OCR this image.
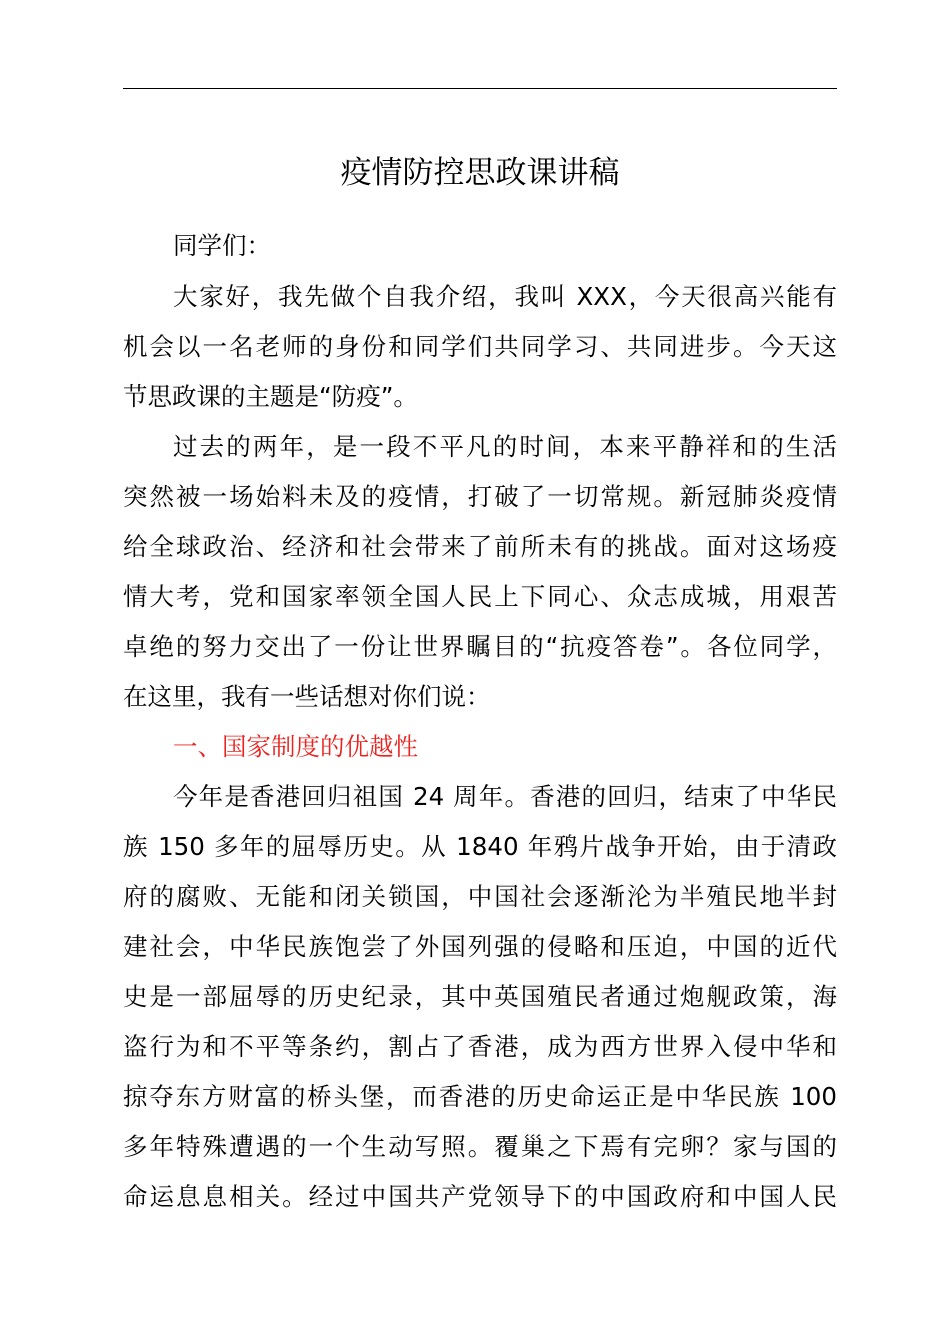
疫情防控思政课讲稿
同学们：
大家好，我先做个自我介绍，我叫 XXX，今天很高兴能有
机会以一名老师的身份和同学们共同学习、共同进步。今天这
节思政课的主题是“防疫”。
过去的两年，是一段不平凡的时间，本来平静祥和的生活
突然被一场始料未及的疫情，打破了一切常规。新冠肺炎疫情
给全球政治、经济和社会带来了前所未有的挑战。面对这场疫
情大考，党和国家率领全国人民上下同心、众志成城，用艰苦
卓绝的努力交出了一份让世界瞩目的“抗疫答卷”。各位同学，
在这里，我有一些话想对你们说：
一、国家制度的优越性
今年是香港回归祖国 24 周年。香港的回归，结束了中华民
族 150 多年的屈辱历史。从 1840 年鸦片战争开始，由于清政
府的腐败、无能和闭关锁国，中国社会逐渐沦为半殖民地半封
建社会，中华民族饱尝了外国列强的侵略和压迫，中国的近代
史是一部屈辱的历史纪录，其中英国殖民者通过炮舰政策，海
盗行为和不平等条约，割占了香港，成为西方世界入侵中华和
掠夺东方财富的桥头堡，而香港的历史命运正是中华民族 100
多年特殊遭遇的一个生动写照。覆巢之下焉有完卵？家与国的
命运息息相关。经过中国共产党领导下的中国政府和中国人民
